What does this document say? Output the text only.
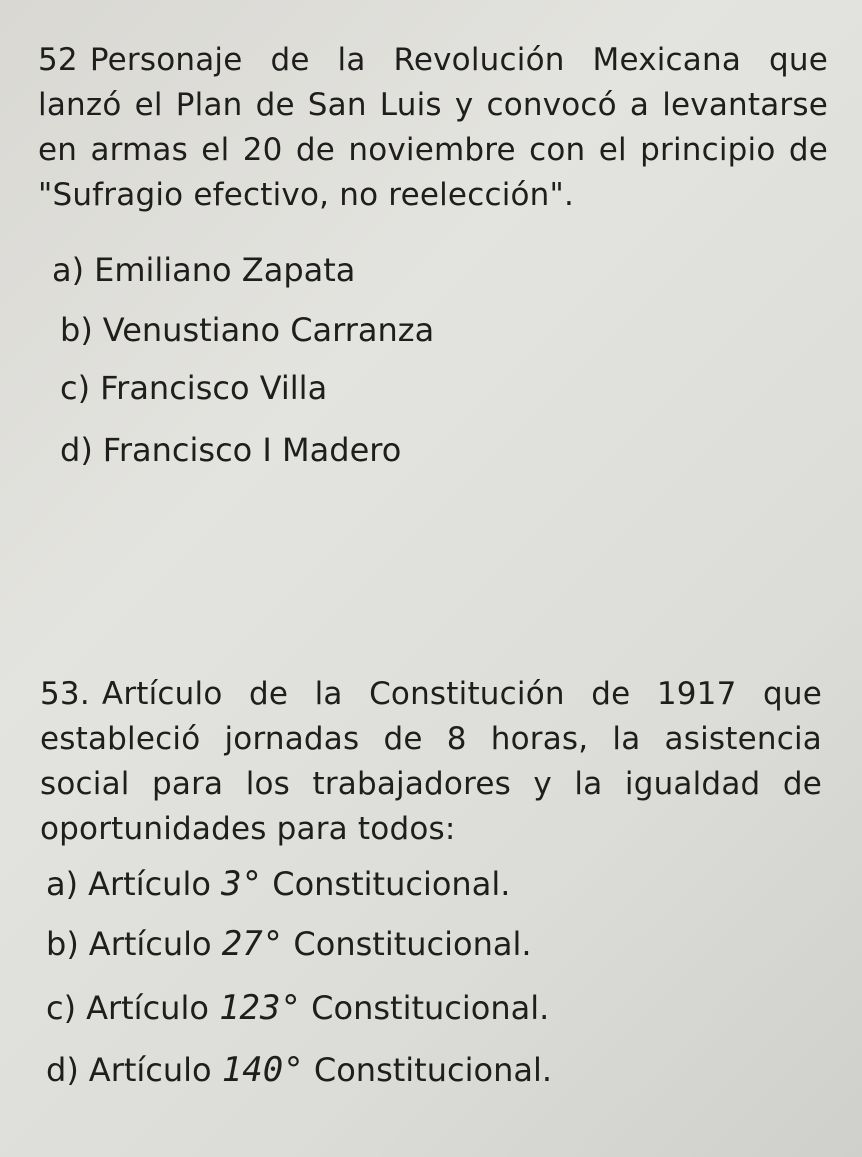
52 Personaje de la Revolución Mexicana que lanzó el Plan de San Luis y convocó a levantarse en armas el 20 de noviembre con el principio de "Sufragio efectivo, no reelección".

a) Emiliano Zapata
b) Venustiano Carranza
c) Francisco Villa
d) Francisco I Madero

53. Artículo de la Constitución de 1917 que estableció jornadas de 8 horas, la asistencia social para los trabajadores y la igualdad de oportunidades para todos:

a) Artículo 3° Constitucional.
b) Artículo 27° Constitucional.
c) Artículo 123° Constitucional.
d) Artículo 140° Constitucional.
